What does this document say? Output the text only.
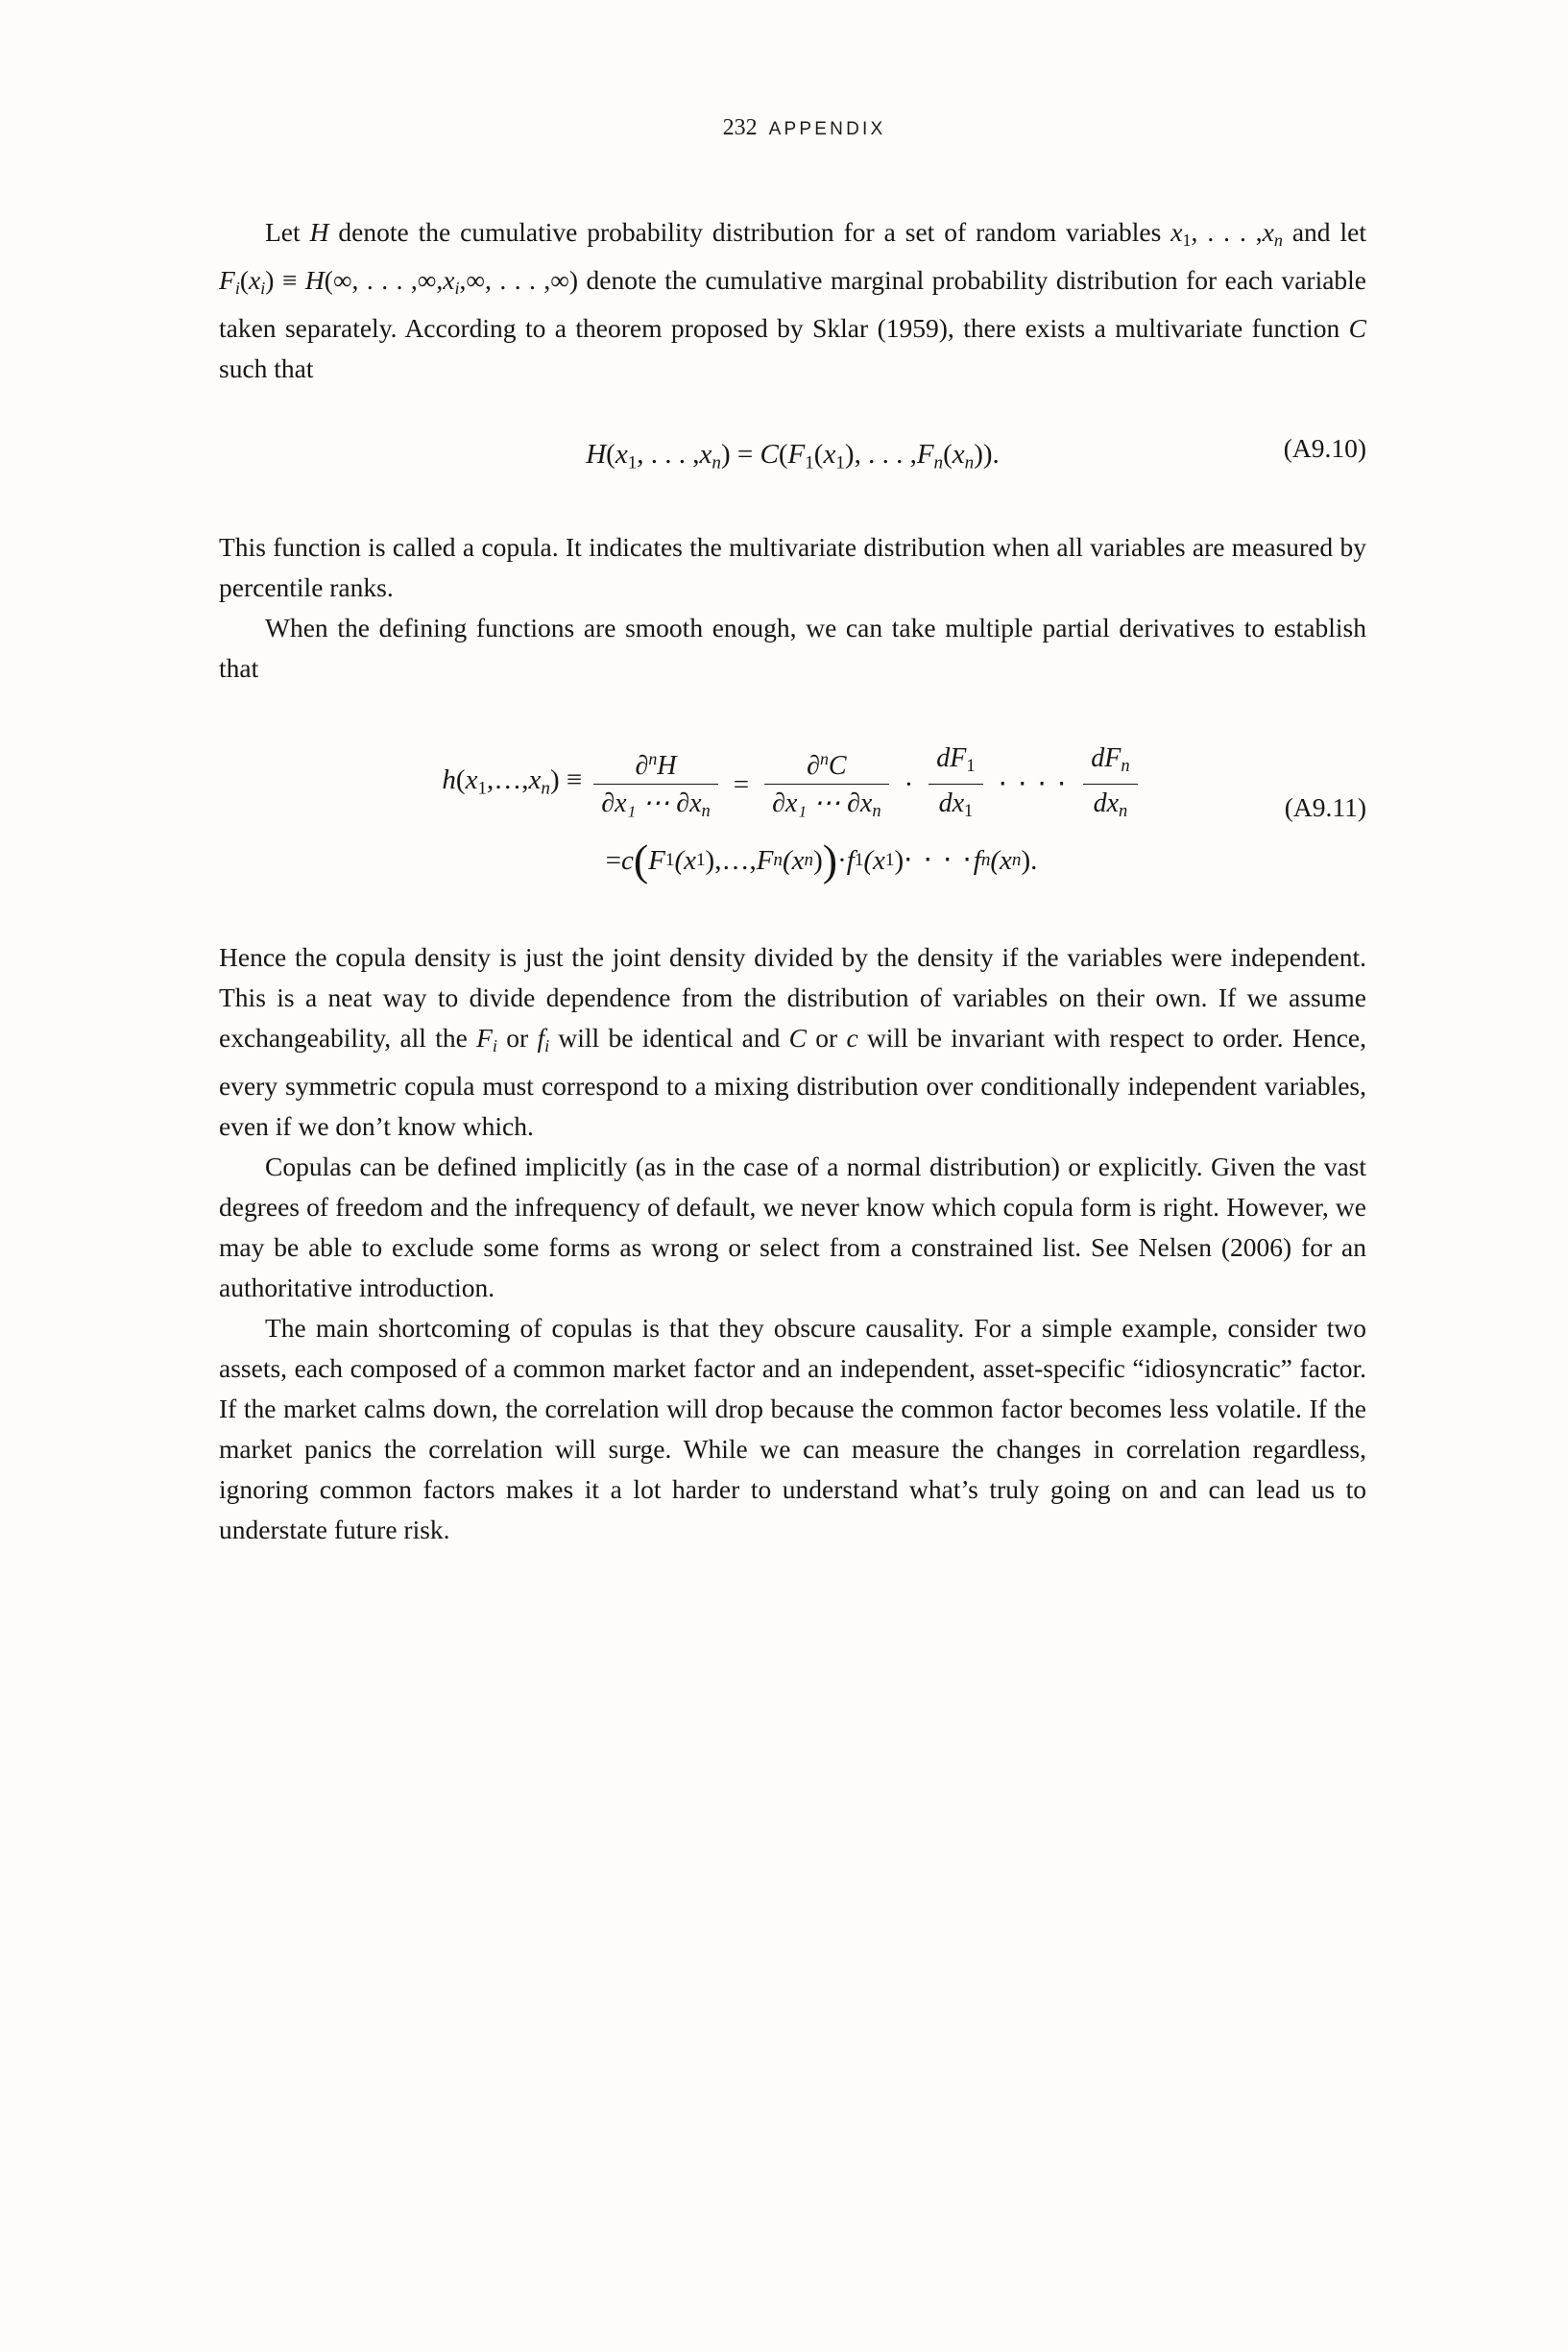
232 APPENDIX

Let H denote the cumulative probability distribution for a set of random variables x1, . . . $,x_n$ and let $F_i(x_i) \equiv H(\infty$, . . . $,\infty,x_i,\infty$, . . . ,∞) denote the cumulative marginal probability distribution for each variable taken separately. According to a theorem proposed by Sklar (1959), there exists a multivariate function C such that

H(x1, . . . $,x_n) = C(F1(x1)$, . . . $,F_n(x_n)$).	(A9.10)

This function is called a copula. It indicates the multivariate distribution when all variables are measured by percentile ranks.

When the defining functions are smooth enough, we can take multiple partial derivatives to establish that

$h(x1,\dots,x_n) \equiv \frac{\partial^nH}{\partial x_1 \cdots \partial x_n} = \frac{\partial^nC}{\partial x_1 \cdots \partial x_n} \cdot \frac{dF1}{dx1}$ ⋅ ⋅ ⋅ ⋅ $\frac{dF_n}{dx_n}$
= c ( F 1 (x 1 ),…, F n (x n ) ) · f 1 (x 1 ) ⋅ ⋅ ⋅ ⋅ f n (x n ).
(A9.11)

Hence the copula density is just the joint density divided by the density if the variables were independent. This is a neat way to divide dependence from the distribution of variables on their own. If we assume exchangeability, all the $F_i$ or $f_i$ will be identical and C or c will be invariant with respect to order. Hence, every symmetric copula must correspond to a mixing distribution over conditionally independent variables, even if we don’t know which.

Copulas can be defined implicitly (as in the case of a normal distribution) or explicitly. Given the vast degrees of freedom and the infrequency of default, we never know which copula form is right. However, we may be able to exclude some forms as wrong or select from a constrained list. See Nelsen (2006) for an authoritative introduction.

The main shortcoming of copulas is that they obscure causality. For a simple example, consider two assets, each composed of a common market factor and an independent, asset-specific “idiosyncratic” factor. If the market calms down, the correlation will drop because the common factor becomes less volatile. If the market panics the correlation will surge. While we can measure the changes in correlation regardless, ignoring common factors makes it a lot harder to understand what’s truly going on and can lead us to understate future risk.
